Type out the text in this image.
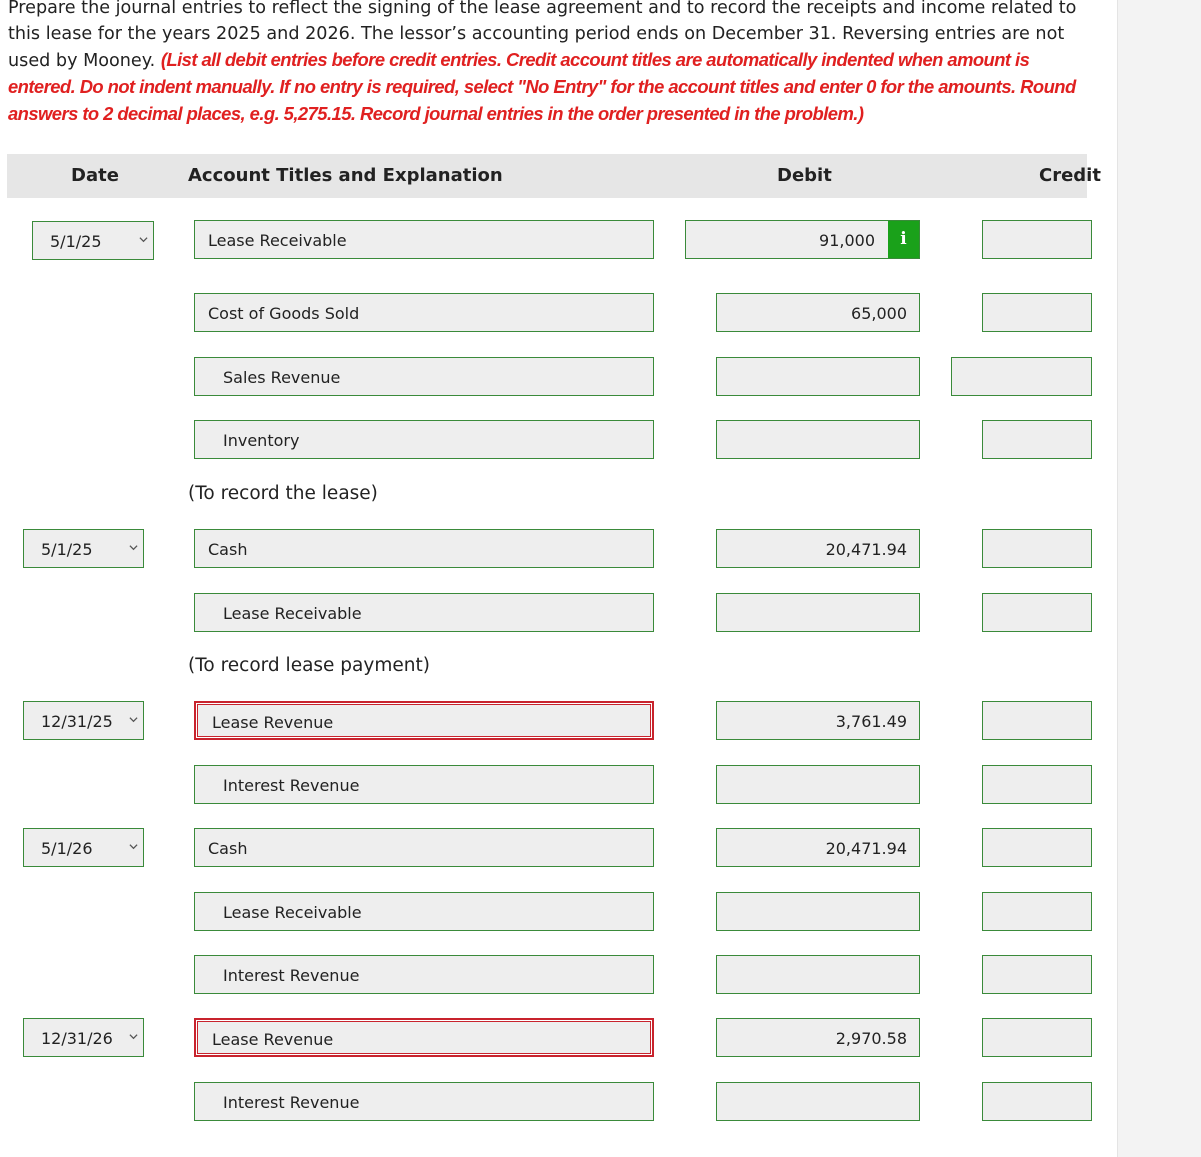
Prepare the journal entries to reflect the signing of the lease agreement and to record the receipts and income related to this lease for the years 2025 and 2026. The lessor’s accounting period ends on December 31. Reversing entries are not used by Mooney. (List all debit entries before credit entries. Credit account titles are automatically indented when amount is entered. Do not indent manually. If no entry is required, select "No Entry" for the account titles and enter 0 for the amounts. Round answers to 2 decimal places, e.g. 5,275.15. Record journal entries in the order presented in the problem.)
Date	Account Titles and Explanation	Debit	Credit
5/1/25	Lease Receivable	91,000	i
Cost of Goods Sold	65,000
Sales Revenue
Inventory
(To record the lease)
5/1/25	Cash	20,471.94
Lease Receivable
(To record lease payment)
12/31/25	Lease Revenue	3,761.49
Interest Revenue
5/1/26	Cash	20,471.94
Lease Receivable
Interest Revenue
12/31/26	Lease Revenue	2,970.58
Interest Revenue
